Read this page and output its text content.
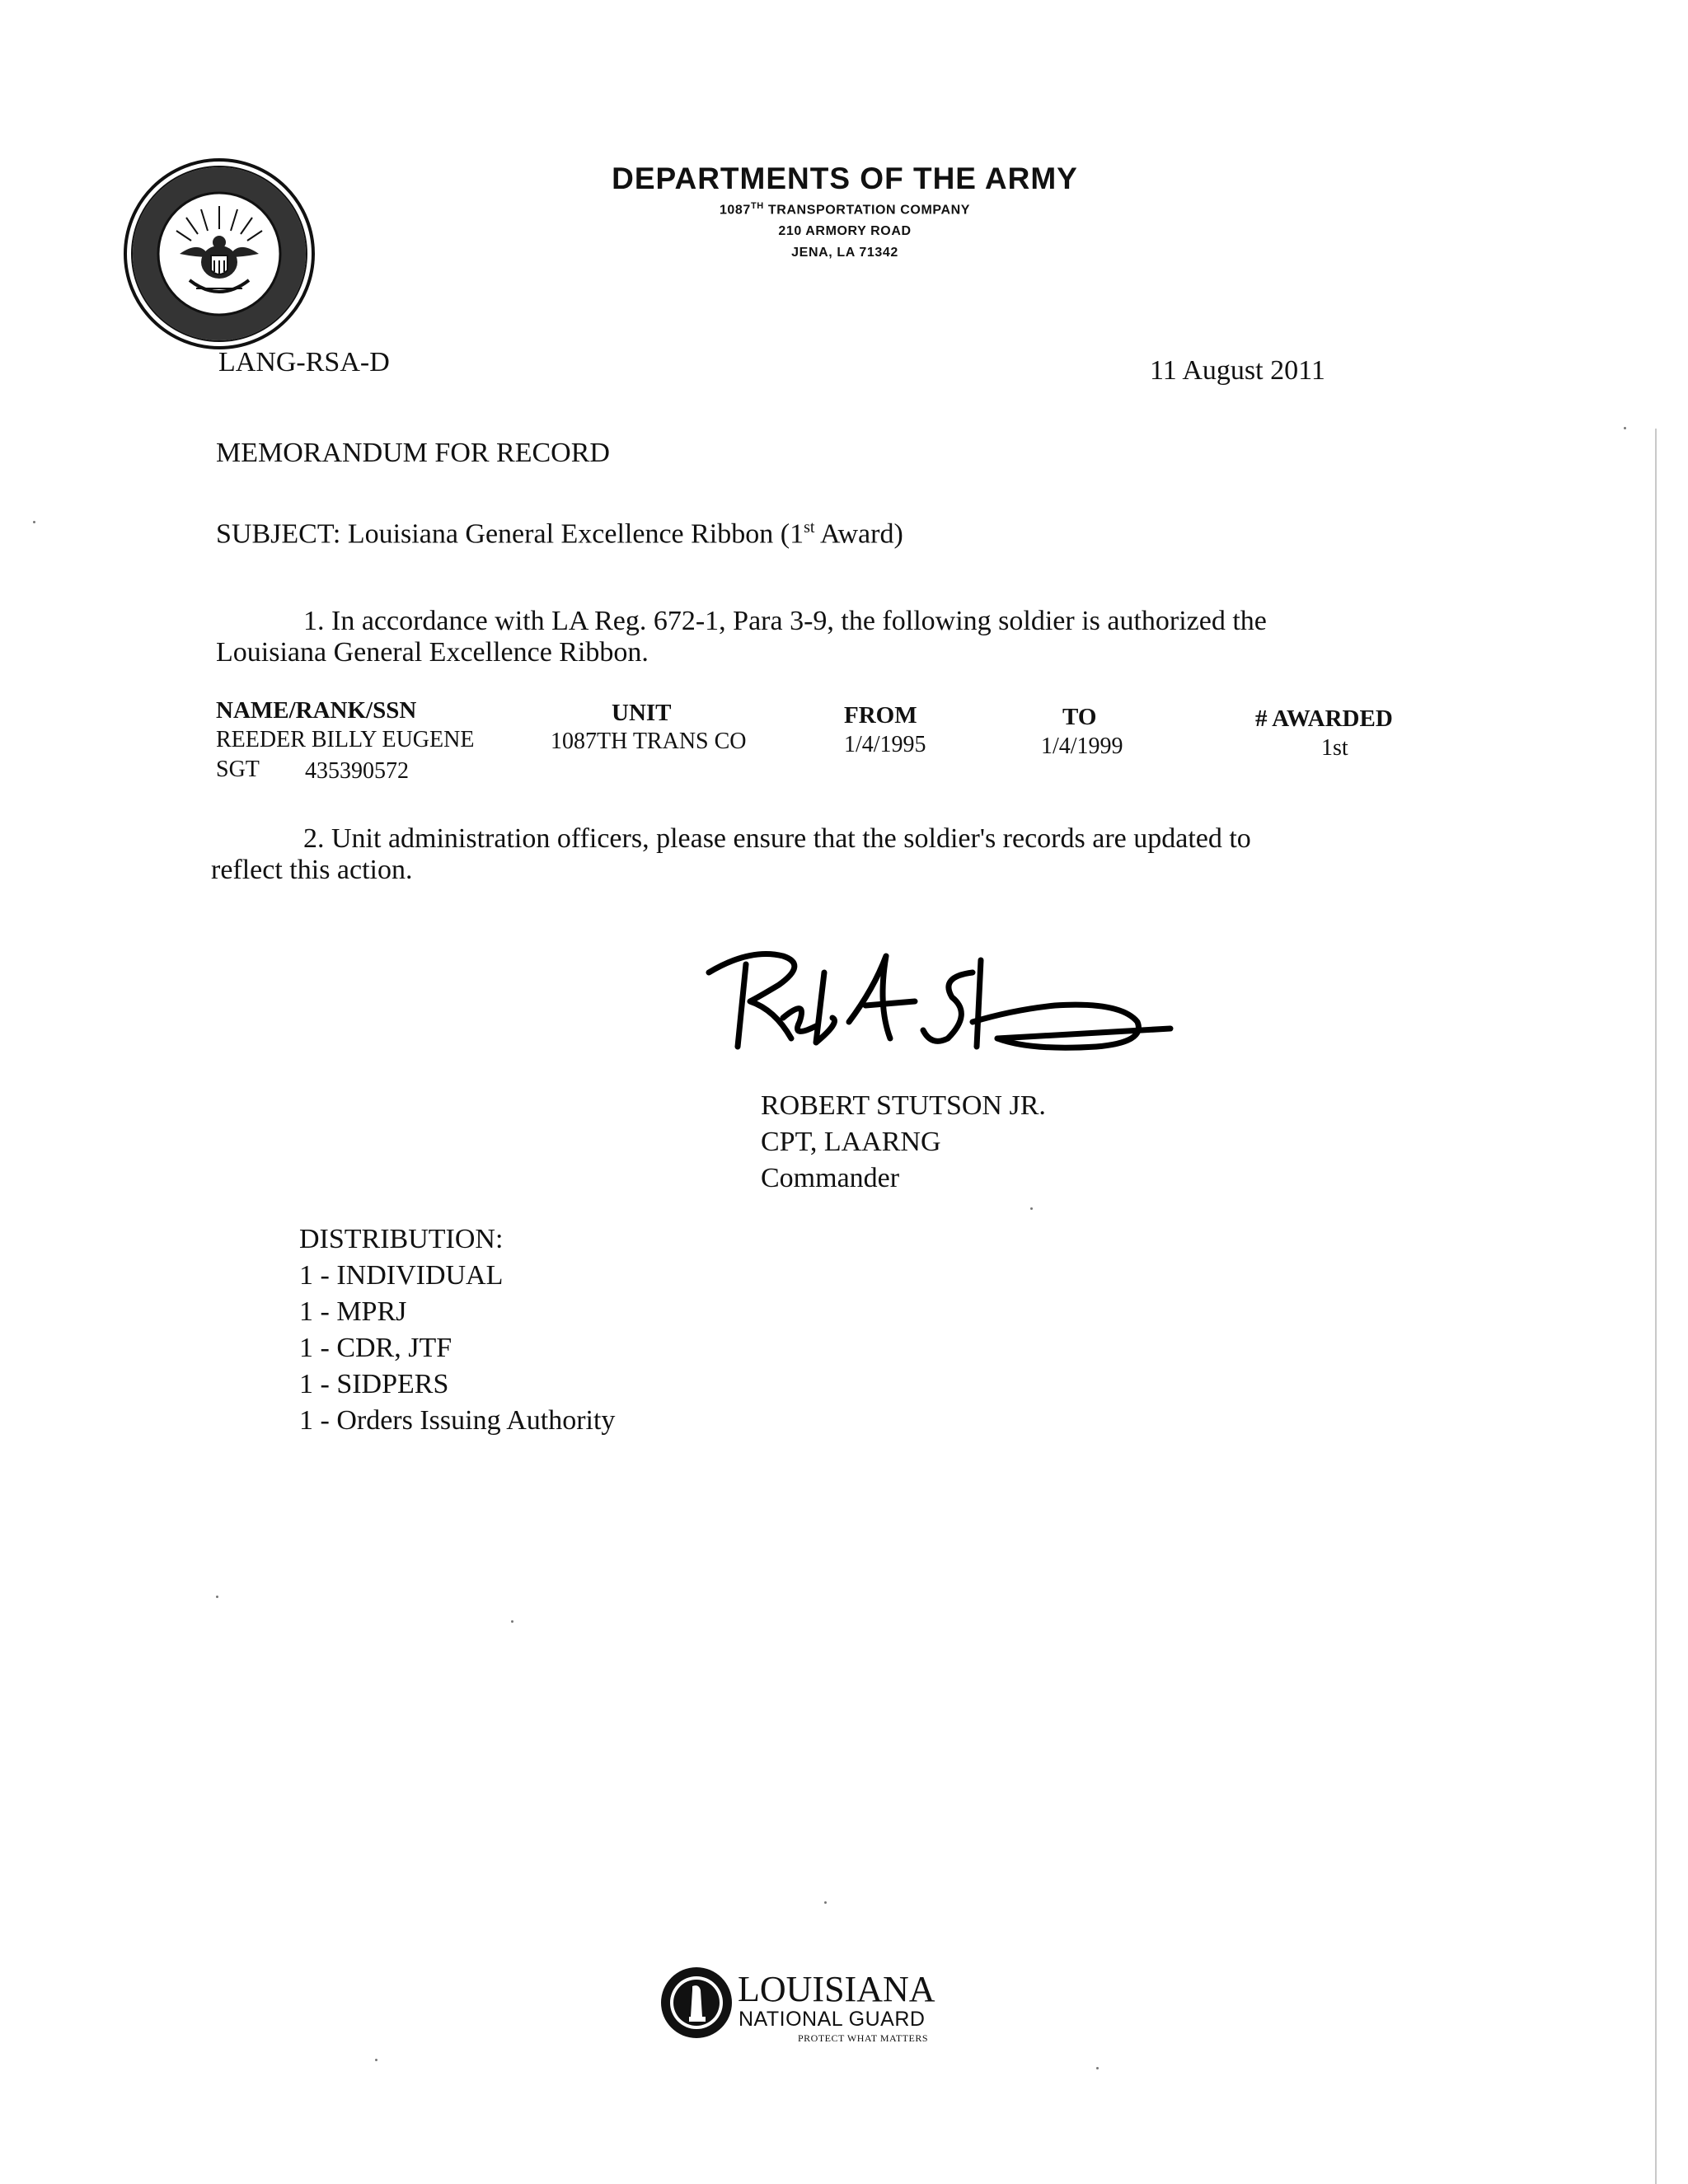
DEPARTMENTS OF THE ARMY
1087TH TRANSPORTATION COMPANY
210 ARMORY ROAD
JENA, LA 71342
LANG-RSA-D	11 August 2011
MEMORANDUM FOR RECORD
SUBJECT: Louisiana General Excellence Ribbon (1st Award)
1. In accordance with LA Reg. 672-1, Para 3-9, the following soldier is authorized the
Louisiana General Excellence Ribbon.
NAME/RANK/SSN	UNIT	FROM	TO	# AWARDED
REEDER BILLY EUGENE	1087TH TRANS CO	1/4/1995	1/4/1999	1st
SGT 435390572
2. Unit administration officers, please ensure that the soldier's records are updated to
reflect this action.
ROBERT STUTSON JR.
CPT, LAARNG
Commander
DISTRIBUTION:
1 - INDIVIDUAL
1 - MPRJ
1 - CDR, JTF
1 - SIDPERS
1 - Orders Issuing Authority
LOUISIANA
NATIONAL GUARD
PROTECT WHAT MATTERS
